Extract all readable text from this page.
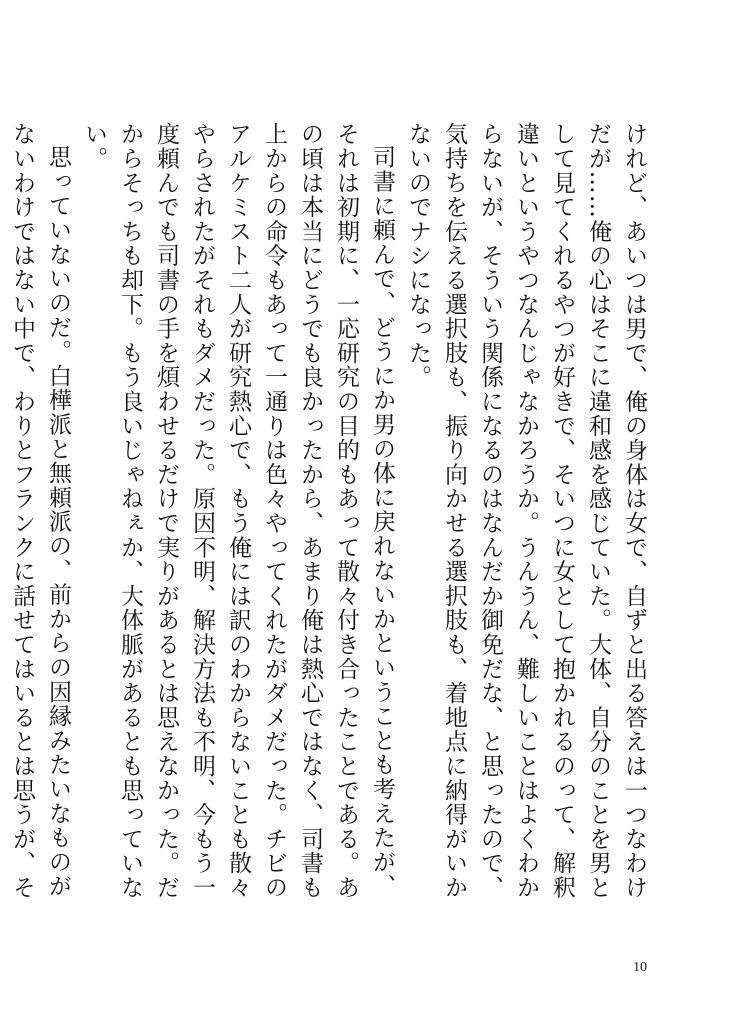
けれど、あいつは男で、俺の身体は女で、自ずと出る答えは一つなわけだが……俺の心はそこに違和感を感じていた。大体、自分のことを男として見てくれるやつが好きで、そいつに女として抱かれるのって、解釈違いというやつなんじゃなかろうか。うんうん、難しいことはよくわからないが、そういう関係になるのはなんだか御免だな、と思ったので、気持ちを伝える選択肢も、振り向かせる選択肢も、着地点に納得がいかないのでナシになった。

司書に頼んで、どうにか男の体に戻れないかということも考えたが、それは初期に、一応研究の目的もあって散々付き合ったことである。あの頃は本当にどうでも良かったから、あまり俺は熱心ではなく、司書も上からの命令もあって一通りは色々やってくれたがダメだった。チビのアルケミスト二人が研究熱心で、もう俺には訳のわからないことも散々やらされたがそれもダメだった。原因不明、解決方法も不明、今もう一度頼んでも司書の手を煩わせるだけで実りがあるとは思えなかった。だからそっちも却下。もう良いじゃねぇか、大体脈があるとも思っていない。

思っていないのだ。白樺派と無頼派の、前からの因縁みたいなものがないわけではない中で、わりとフランクに話せてはいるとは思うが、そ

10
